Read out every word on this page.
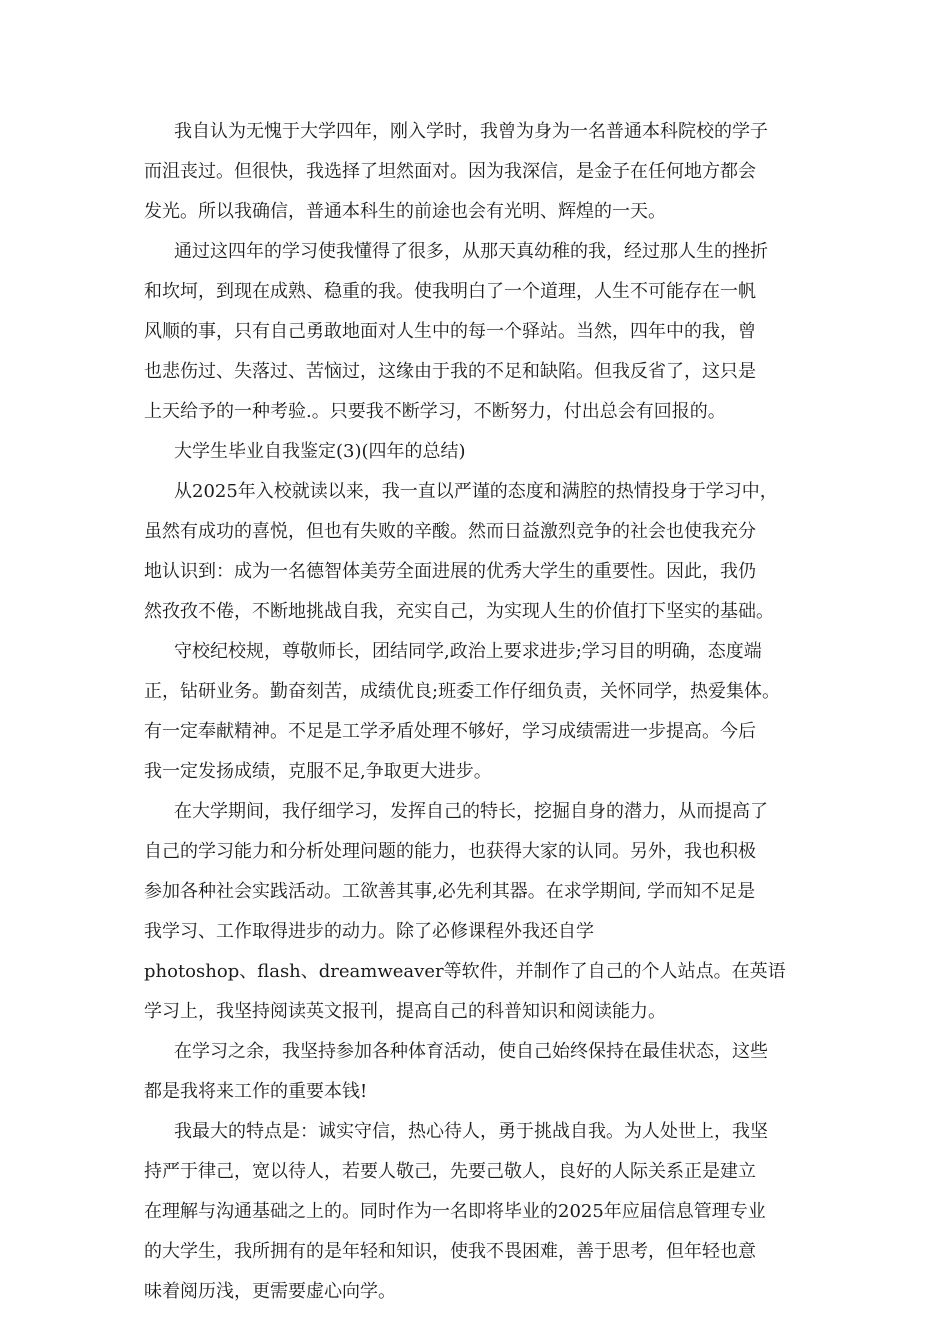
我自认为无愧于大学四年，刚入学时，我曾为身为一名普通本科院校的学子
而沮丧过。但很快，我选择了坦然面对。因为我深信，是金子在任何地方都会
发光。所以我确信，普通本科生的前途也会有光明、辉煌的一天。
通过这四年的学习使我懂得了很多，从那天真幼稚的我，经过那人生的挫折
和坎坷，到现在成熟、稳重的我。使我明白了一个道理，人生不可能存在一帆
风顺的事，只有自己勇敢地面对人生中的每一个驿站。当然，四年中的我，曾
也悲伤过、失落过、苦恼过，这缘由于我的不足和缺陷。但我反省了，这只是
上天给予的一种考验.。只要我不断学习，不断努力，付出总会有回报的。
大学生毕业自我鉴定(3)(四年的总结)
从2025年入校就读以来，我一直以严谨的态度和满腔的热情投身于学习中，
虽然有成功的喜悦，但也有失败的辛酸。然而日益激烈竞争的社会也使我充分
地认识到：成为一名德智体美劳全面进展的优秀大学生的重要性。因此，我仍
然孜孜不倦，不断地挑战自我，充实自己，为实现人生的价值打下坚实的基础。
守校纪校规，尊敬师长，团结同学,政治上要求进步;学习目的明确，态度端
正，钻研业务。勤奋刻苦，成绩优良;班委工作仔细负责，关怀同学，热爱集体。
有一定奉献精神。不足是工学矛盾处理不够好，学习成绩需进一步提高。今后
我一定发扬成绩，克服不足,争取更大进步。
在大学期间，我仔细学习，发挥自己的特长，挖掘自身的潜力，从而提高了
自己的学习能力和分析处理问题的能力，也获得大家的认同。另外，我也积极
参加各种社会实践活动。工欲善其事,必先利其器。在求学期间, 学而知不足是
我学习、工作取得进步的动力。除了必修课程外我还自学
photoshop、flash、dreamweaver等软件，并制作了自己的个人站点。在英语
学习上，我坚持阅读英文报刊，提高自己的科普知识和阅读能力。
在学习之余，我坚持参加各种体育活动，使自己始终保持在最佳状态，这些
都是我将来工作的重要本钱!
我最大的特点是：诚实守信，热心待人，勇于挑战自我。为人处世上，我坚
持严于律己，宽以待人，若要人敬己，先要己敬人，良好的人际关系正是建立
在理解与沟通基础之上的。同时作为一名即将毕业的2025年应届信息管理专业
的大学生，我所拥有的是年轻和知识，使我不畏困难，善于思考，但年轻也意
味着阅历浅，更需要虚心向学。
